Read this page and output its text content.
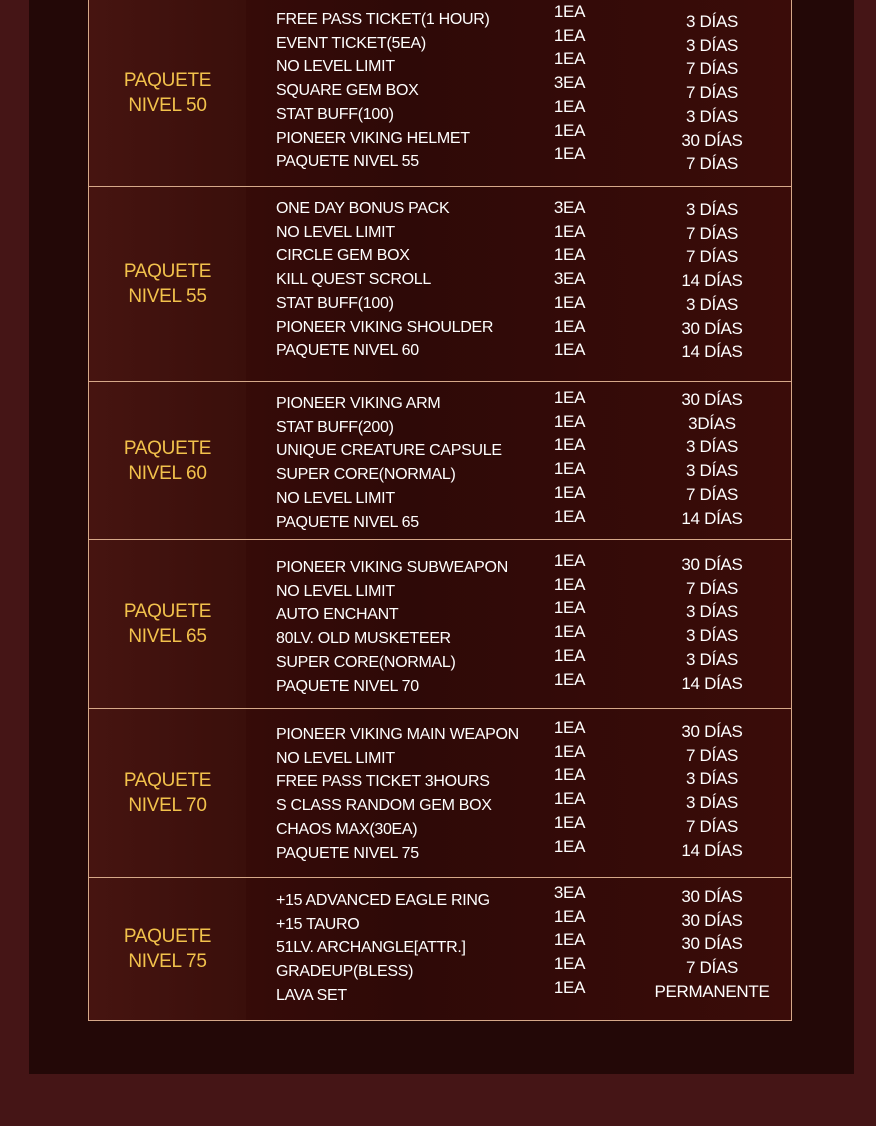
PAQUETE
NIVEL 50
FREE PASS TICKET(1 HOUR)
EVENT TICKET(5EA)
NO LEVEL LIMIT
SQUARE GEM BOX
STAT BUFF(100)
PIONEER VIKING HELMET
PAQUETE NIVEL 55
1EA
1EA
1EA
3EA
1EA
1EA
1EA
3 DÍAS
3 DÍAS
7 DÍAS
7 DÍAS
3 DÍAS
30 DÍAS
7 DÍAS
PAQUETE
NIVEL 55
ONE DAY BONUS PACK
NO LEVEL LIMIT
CIRCLE GEM BOX
KILL QUEST SCROLL
STAT BUFF(100)
PIONEER VIKING SHOULDER
PAQUETE NIVEL 60
3EA
1EA
1EA
3EA
1EA
1EA
1EA
3 DÍAS
7 DÍAS
7 DÍAS
14 DÍAS
3 DÍAS
30 DÍAS
14 DÍAS
PAQUETE
NIVEL 60
PIONEER VIKING ARM
STAT BUFF(200)
UNIQUE CREATURE CAPSULE
SUPER CORE(NORMAL)
NO LEVEL LIMIT
PAQUETE NIVEL 65
1EA
1EA
1EA
1EA
1EA
1EA
30 DÍAS
3DÍAS
3 DÍAS
3 DÍAS
7 DÍAS
14 DÍAS
PAQUETE
NIVEL 65
PIONEER VIKING SUBWEAPON
NO LEVEL LIMIT
AUTO ENCHANT
80LV. OLD MUSKETEER
SUPER CORE(NORMAL)
PAQUETE NIVEL 70
1EA
1EA
1EA
1EA
1EA
1EA
30 DÍAS
7 DÍAS
3 DÍAS
3 DÍAS
3 DÍAS
14 DÍAS
PAQUETE
NIVEL 70
PIONEER VIKING MAIN WEAPON
NO LEVEL LIMIT
FREE PASS TICKET 3HOURS
S CLASS RANDOM GEM BOX
CHAOS MAX(30EA)
PAQUETE NIVEL 75
1EA
1EA
1EA
1EA
1EA
1EA
30 DÍAS
7 DÍAS
3 DÍAS
3 DÍAS
7 DÍAS
14 DÍAS
PAQUETE
NIVEL 75
+15 ADVANCED EAGLE RING
+15 TAURO
51LV. ARCHANGLE[ATTR.]
GRADEUP(BLESS)
LAVA SET
3EA
1EA
1EA
1EA
1EA
30 DÍAS
30 DÍAS
30 DÍAS
7 DÍAS
PERMANENTE
